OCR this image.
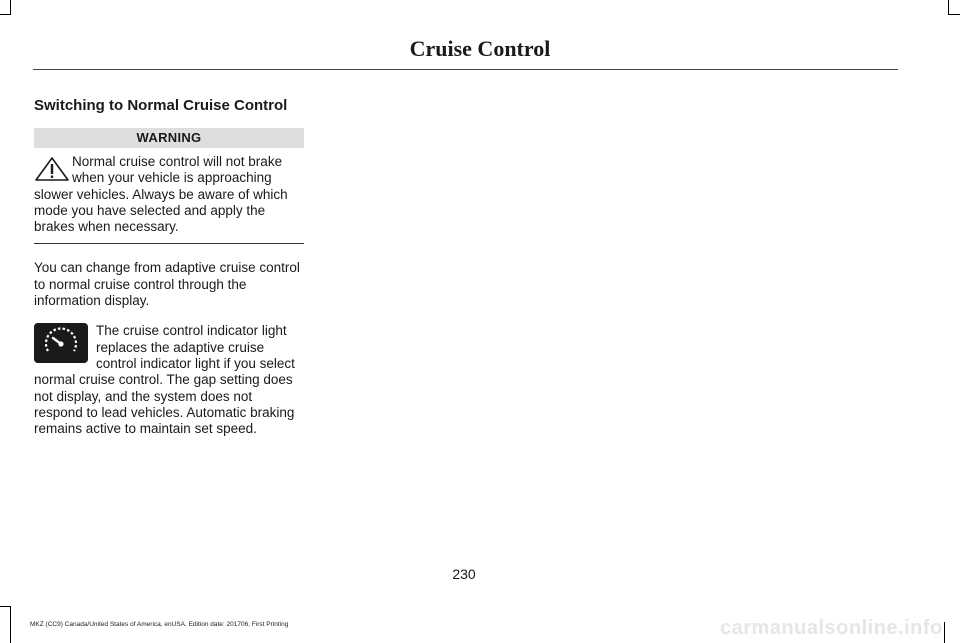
Cruise Control
Switching to Normal Cruise Control
WARNING
Normal cruise control will not brake when your vehicle is approaching slower vehicles. Always be aware of which mode you have selected and apply the brakes when necessary.

You can change from adaptive cruise control to normal cruise control through the information display.

The cruise control indicator light replaces the adaptive cruise control indicator light if you select normal cruise control. The gap setting does not display, and the system does not respond to lead vehicles. Automatic braking remains active to maintain set speed.
230
MKZ (CC9) Canada/United States of America, enUSA, Edition date: 201706, First Printing	carmanualsonline.info
